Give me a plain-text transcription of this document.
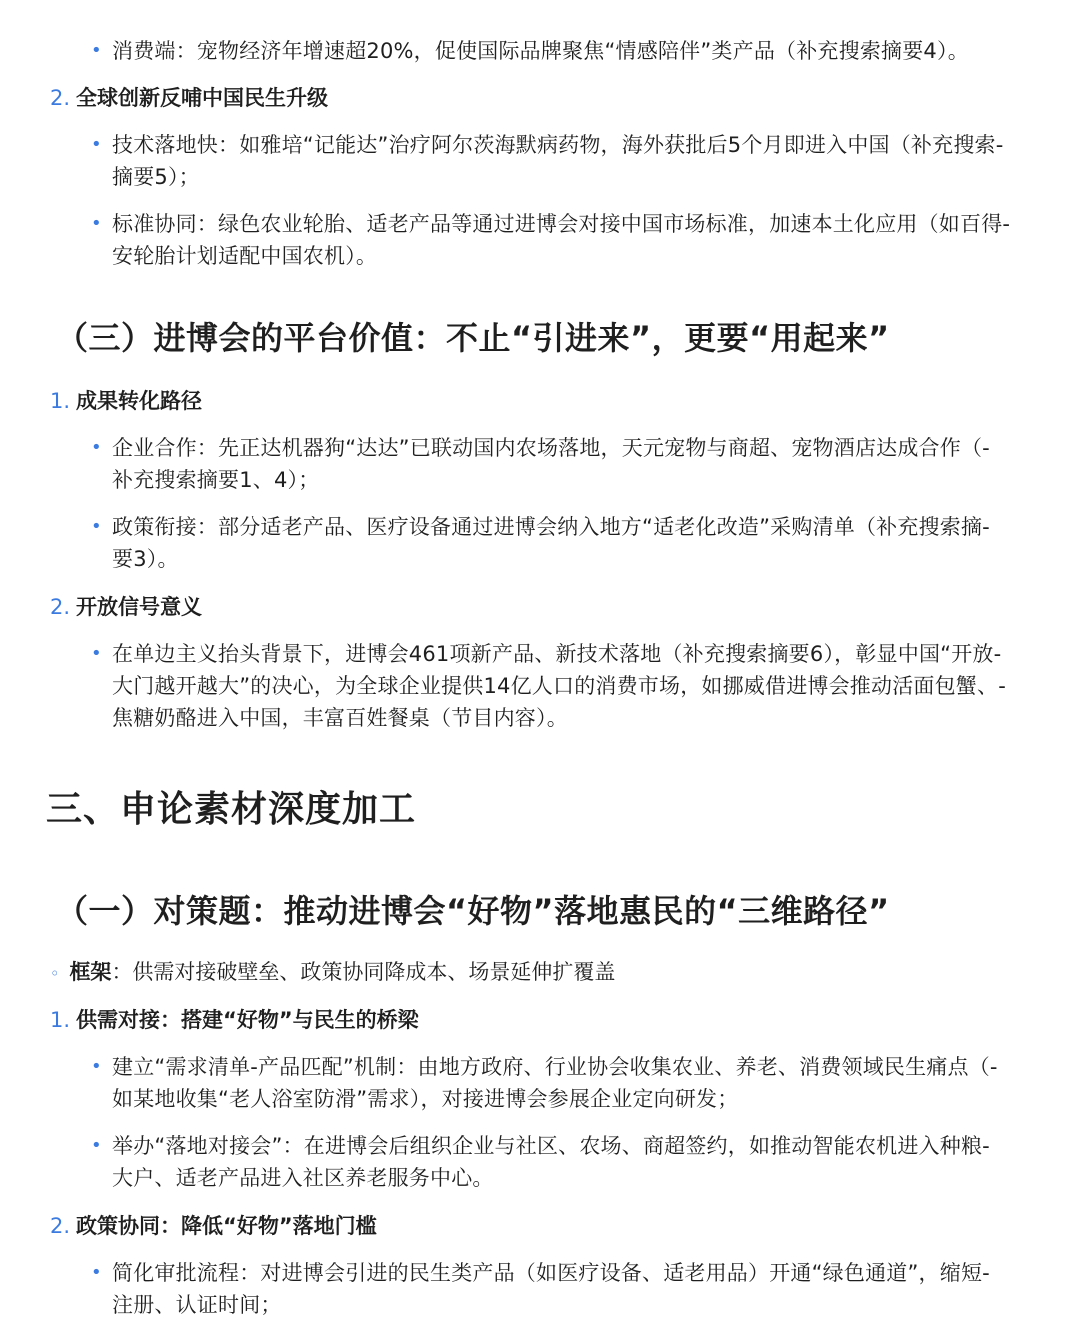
• 消费端：宠物经济年增速超20%，促使国际品牌聚焦“情感陪伴”类产品（补充搜索摘要4）。
2. 全球创新反哺中国民生升级
• 技术落地快：如雅培“记能达”治疗阿尔茨海默病药物，海外获批后5个月即进入中国（补充搜索-
摘要5）；
• 标准协同：绿色农业轮胎、适老产品等通过进博会对接中国市场标准，加速本土化应用（如百得-
安轮胎计划适配中国农机）。
（三）进博会的平台价值：不止“引进来”，更要“用起来”
1. 成果转化路径
• 企业合作：先正达机器狗“达达”已联动国内农场落地，天元宠物与商超、宠物酒店达成合作（-
补充搜索摘要1、4）；
• 政策衔接：部分适老产品、医疗设备通过进博会纳入地方“适老化改造”采购清单（补充搜索摘-
要3）。
2. 开放信号意义
• 在单边主义抬头背景下，进博会461项新产品、新技术落地（补充搜索摘要6），彰显中国“开放-
大门越开越大”的决心，为全球企业提供14亿人口的消费市场，如挪威借进博会推动活面包蟹、-
焦糖奶酪进入中国，丰富百姓餐桌（节目内容）。
三、申论素材深度加工
（一）对策题：推动进博会“好物”落地惠民的“三维路径”
◦ 框架：供需对接破壁垒、政策协同降成本、场景延伸扩覆盖
1. 供需对接：搭建“好物”与民生的桥梁
• 建立“需求清单-产品匹配”机制：由地方政府、行业协会收集农业、养老、消费领域民生痛点（-
如某地收集“老人浴室防滑”需求），对接进博会参展企业定向研发；
• 举办“落地对接会”：在进博会后组织企业与社区、农场、商超签约，如推动智能农机进入种粮-
大户、适老产品进入社区养老服务中心。
2. 政策协同：降低“好物”落地门槛
• 简化审批流程：对进博会引进的民生类产品（如医疗设备、适老用品）开通“绿色通道”，缩短-
注册、认证时间；
